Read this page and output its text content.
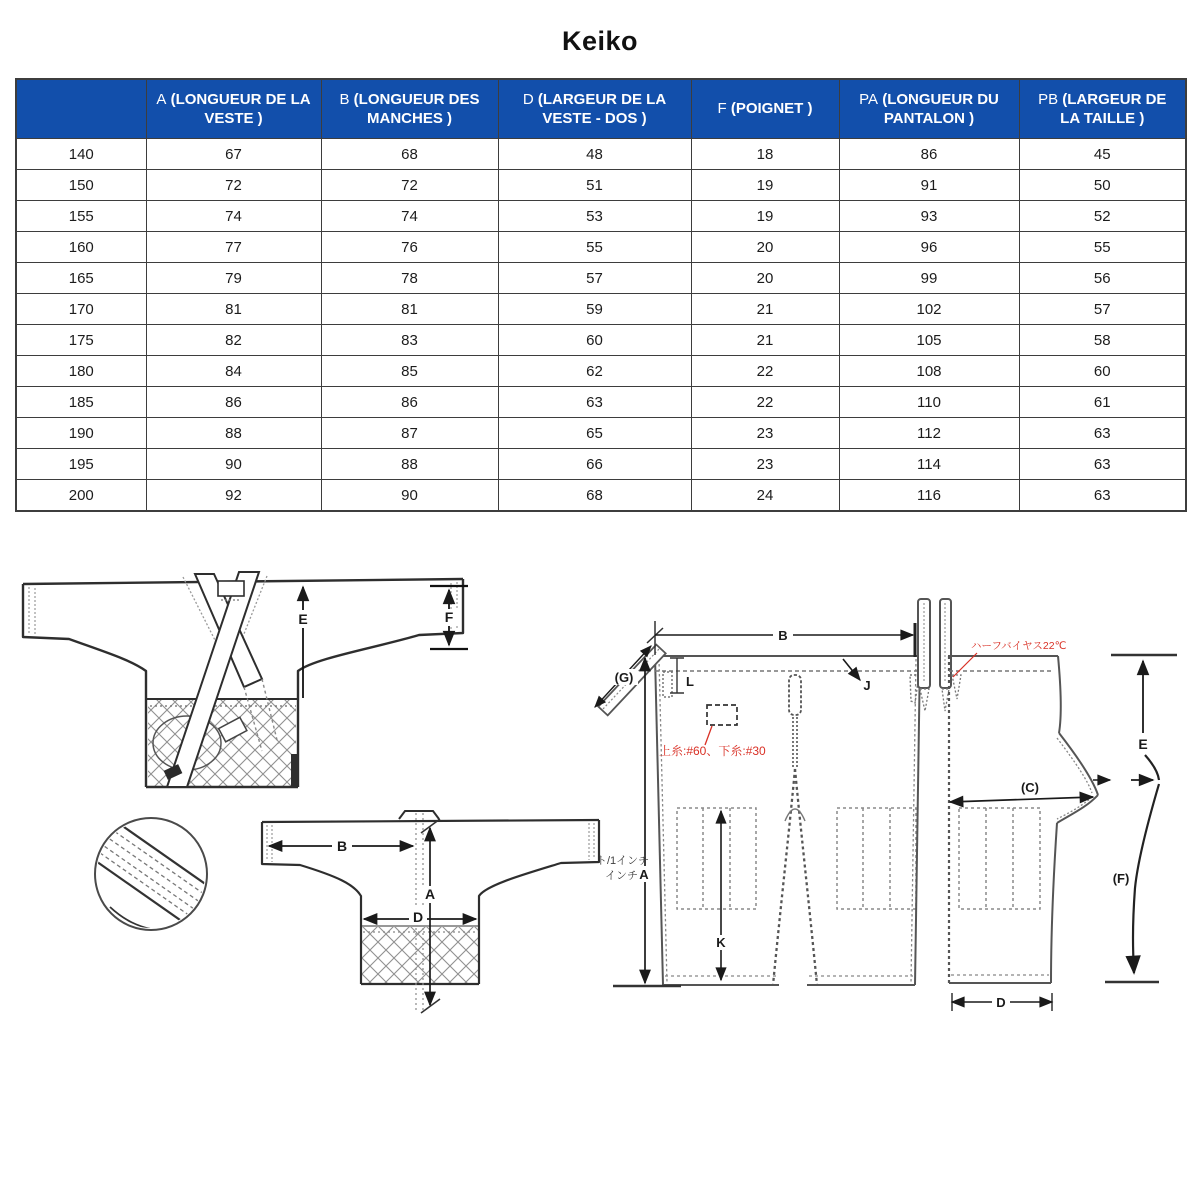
Keiko
	A (LONGUEUR DE LA VESTE )	B (LONGUEUR DES MANCHES )	D (LARGEUR DE LA VESTE - DOS )	F (POIGNET )	PA (LONGUEUR DU PANTALON )	PB (LARGEUR DE LA TAILLE )
140	67	68	48	18	86	45
150	72	72	51	19	91	50
155	74	74	53	19	93	52
160	77	76	55	20	96	55
165	79	78	57	20	99	56
170	81	81	59	21	102	57
175	82	83	60	21	105	58
180	84	85	62	22	108	60
185	86	86	63	22	110	61
190	88	87	65	23	112	63
195	90	88	66	23	114	63
200	92	90	68	24	116	63
E	F
B
A
D
(G)	L
B
J
A
K
上糸:#60、下糸:#30
(C)
D
ハーフバイヤス22℃
E
(F)
ト/1インチ
インチ
